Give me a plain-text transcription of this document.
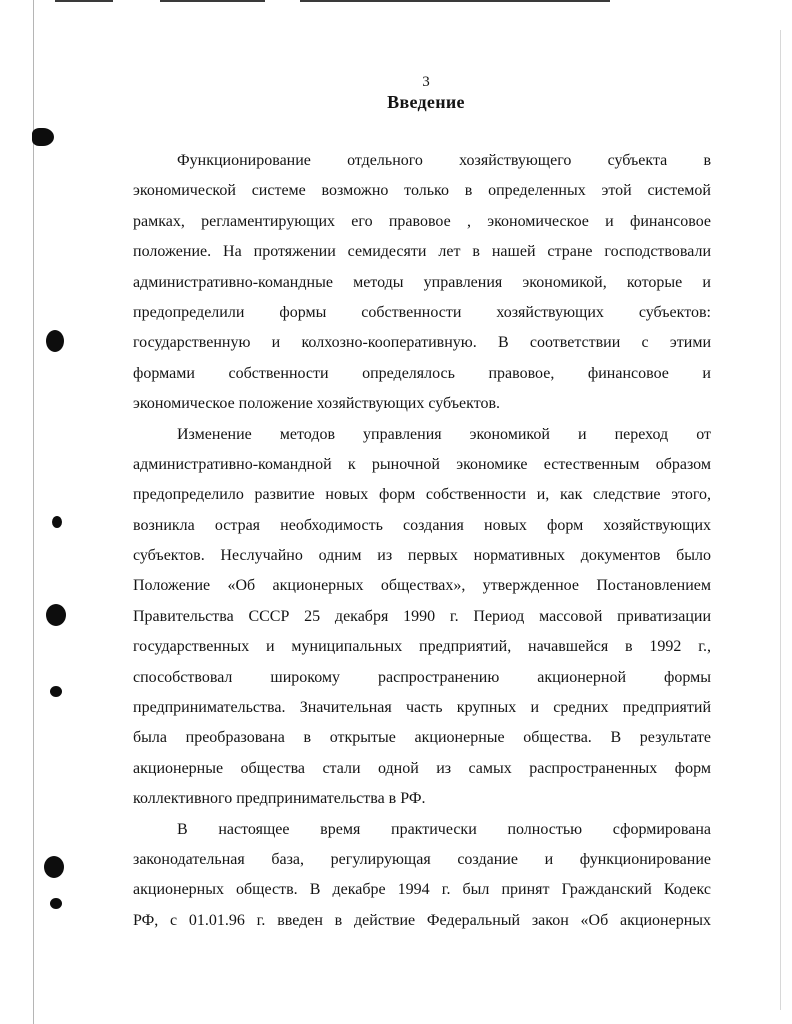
3
Введение
Функционирование отдельного хозяйствующего субъекта в
экономической системе возможно только в определенных этой системой
рамках, регламентирующих его правовое , экономическое и финансовое
положение. На протяжении семидесяти лет в нашей стране господствовали
административно-командные методы управления экономикой, которые и
предопределили формы собственности хозяйствующих субъектов:
государственную и колхозно-кооперативную. В соответствии с этими
формами собственности определялось правовое, финансовое и
экономическое положение хозяйствующих субъектов.
Изменение методов управления экономикой и переход от
административно-командной к рыночной экономике естественным образом
предопределило развитие новых форм собственности и, как следствие этого,
возникла острая необходимость создания новых форм хозяйствующих
субъектов. Неслучайно одним из первых нормативных документов было
Положение «Об акционерных обществах», утвержденное Постановлением
Правительства СССР 25 декабря 1990 г. Период массовой приватизации
государственных и муниципальных предприятий, начавшейся в 1992 г.,
способствовал широкому распространению акционерной формы
предпринимательства. Значительная часть крупных и средних предприятий
была преобразована в открытые акционерные общества. В результате
акционерные общества стали одной из самых распространенных форм
коллективного предпринимательства в РФ.
В настоящее время практически полностью сформирована
законодательная база, регулирующая создание и функционирование
акционерных обществ. В декабре 1994 г. был принят Гражданский Кодекс
РФ, с 01.01.96 г. введен в действие Федеральный закон «Об акционерных
